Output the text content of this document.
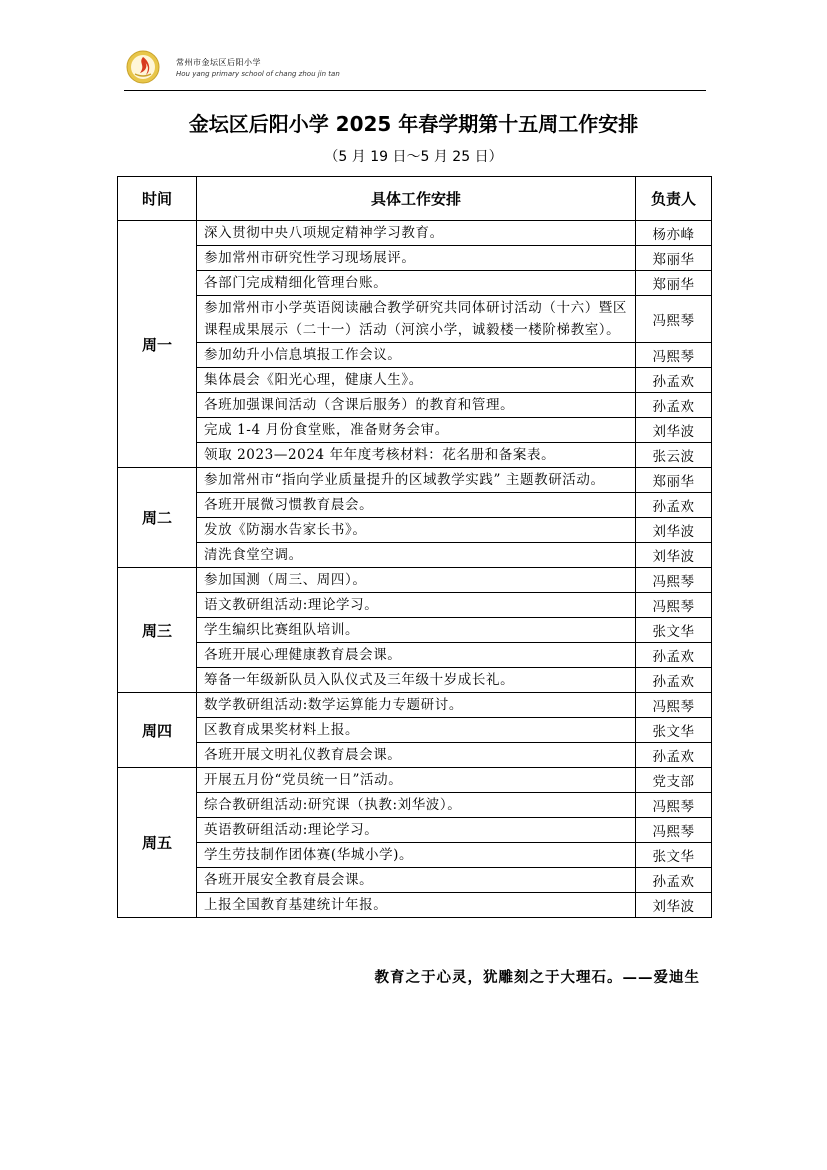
常州市金坛区后阳小学
Hou yang primary school of chang zhou jin tan
金坛区后阳小学 2025 年春学期第十五周工作安排
（5 月 19 日～5 月 25 日）
时间	具体工作安排	负责人
周一	深入贯彻中央八项规定精神学习教育。	杨亦峰
	参加常州市研究性学习现场展评。	郑丽华
	各部门完成精细化管理台账。	郑丽华
	参加常州市小学英语阅读融合教学研究共同体研讨活动（十六）暨区课程成果展示（二十一）活动（河滨小学，诚毅楼一楼阶梯教室）。	冯熙琴
	参加幼升小信息填报工作会议。	冯熙琴
	集体晨会《阳光心理，健康人生》。	孙孟欢
	各班加强课间活动（含课后服务）的教育和管理。	孙孟欢
	完成 1-4 月份食堂账，准备财务会审。	刘华波
	领取 2023—2024 年年度考核材料：花名册和备案表。	张云波
周二	参加常州市“指向学业质量提升的区域教学实践” 主题教研活动。	郑丽华
	各班开展微习惯教育晨会。	孙孟欢
	发放《防溺水告家长书》。	刘华波
	清洗食堂空调。	刘华波
周三	参加国测（周三、周四）。	冯熙琴
	语文教研组活动:理论学习。	冯熙琴
	学生编织比赛组队培训。	张文华
	各班开展心理健康教育晨会课。	孙孟欢
	筹备一年级新队员入队仪式及三年级十岁成长礼。	孙孟欢
周四	数学教研组活动:数学运算能力专题研讨。	冯熙琴
	区教育成果奖材料上报。	张文华
	各班开展文明礼仪教育晨会课。	孙孟欢
周五	开展五月份“党员统一日”活动。	党支部
	综合教研组活动:研究课（执教:刘华波）。	冯熙琴
	英语教研组活动:理论学习。	冯熙琴
	学生劳技制作团体赛(华城小学)。	张文华
	各班开展安全教育晨会课。	孙孟欢
	上报全国教育基建统计年报。	刘华波
教育之于心灵，犹雕刻之于大理石。——爱迪生
